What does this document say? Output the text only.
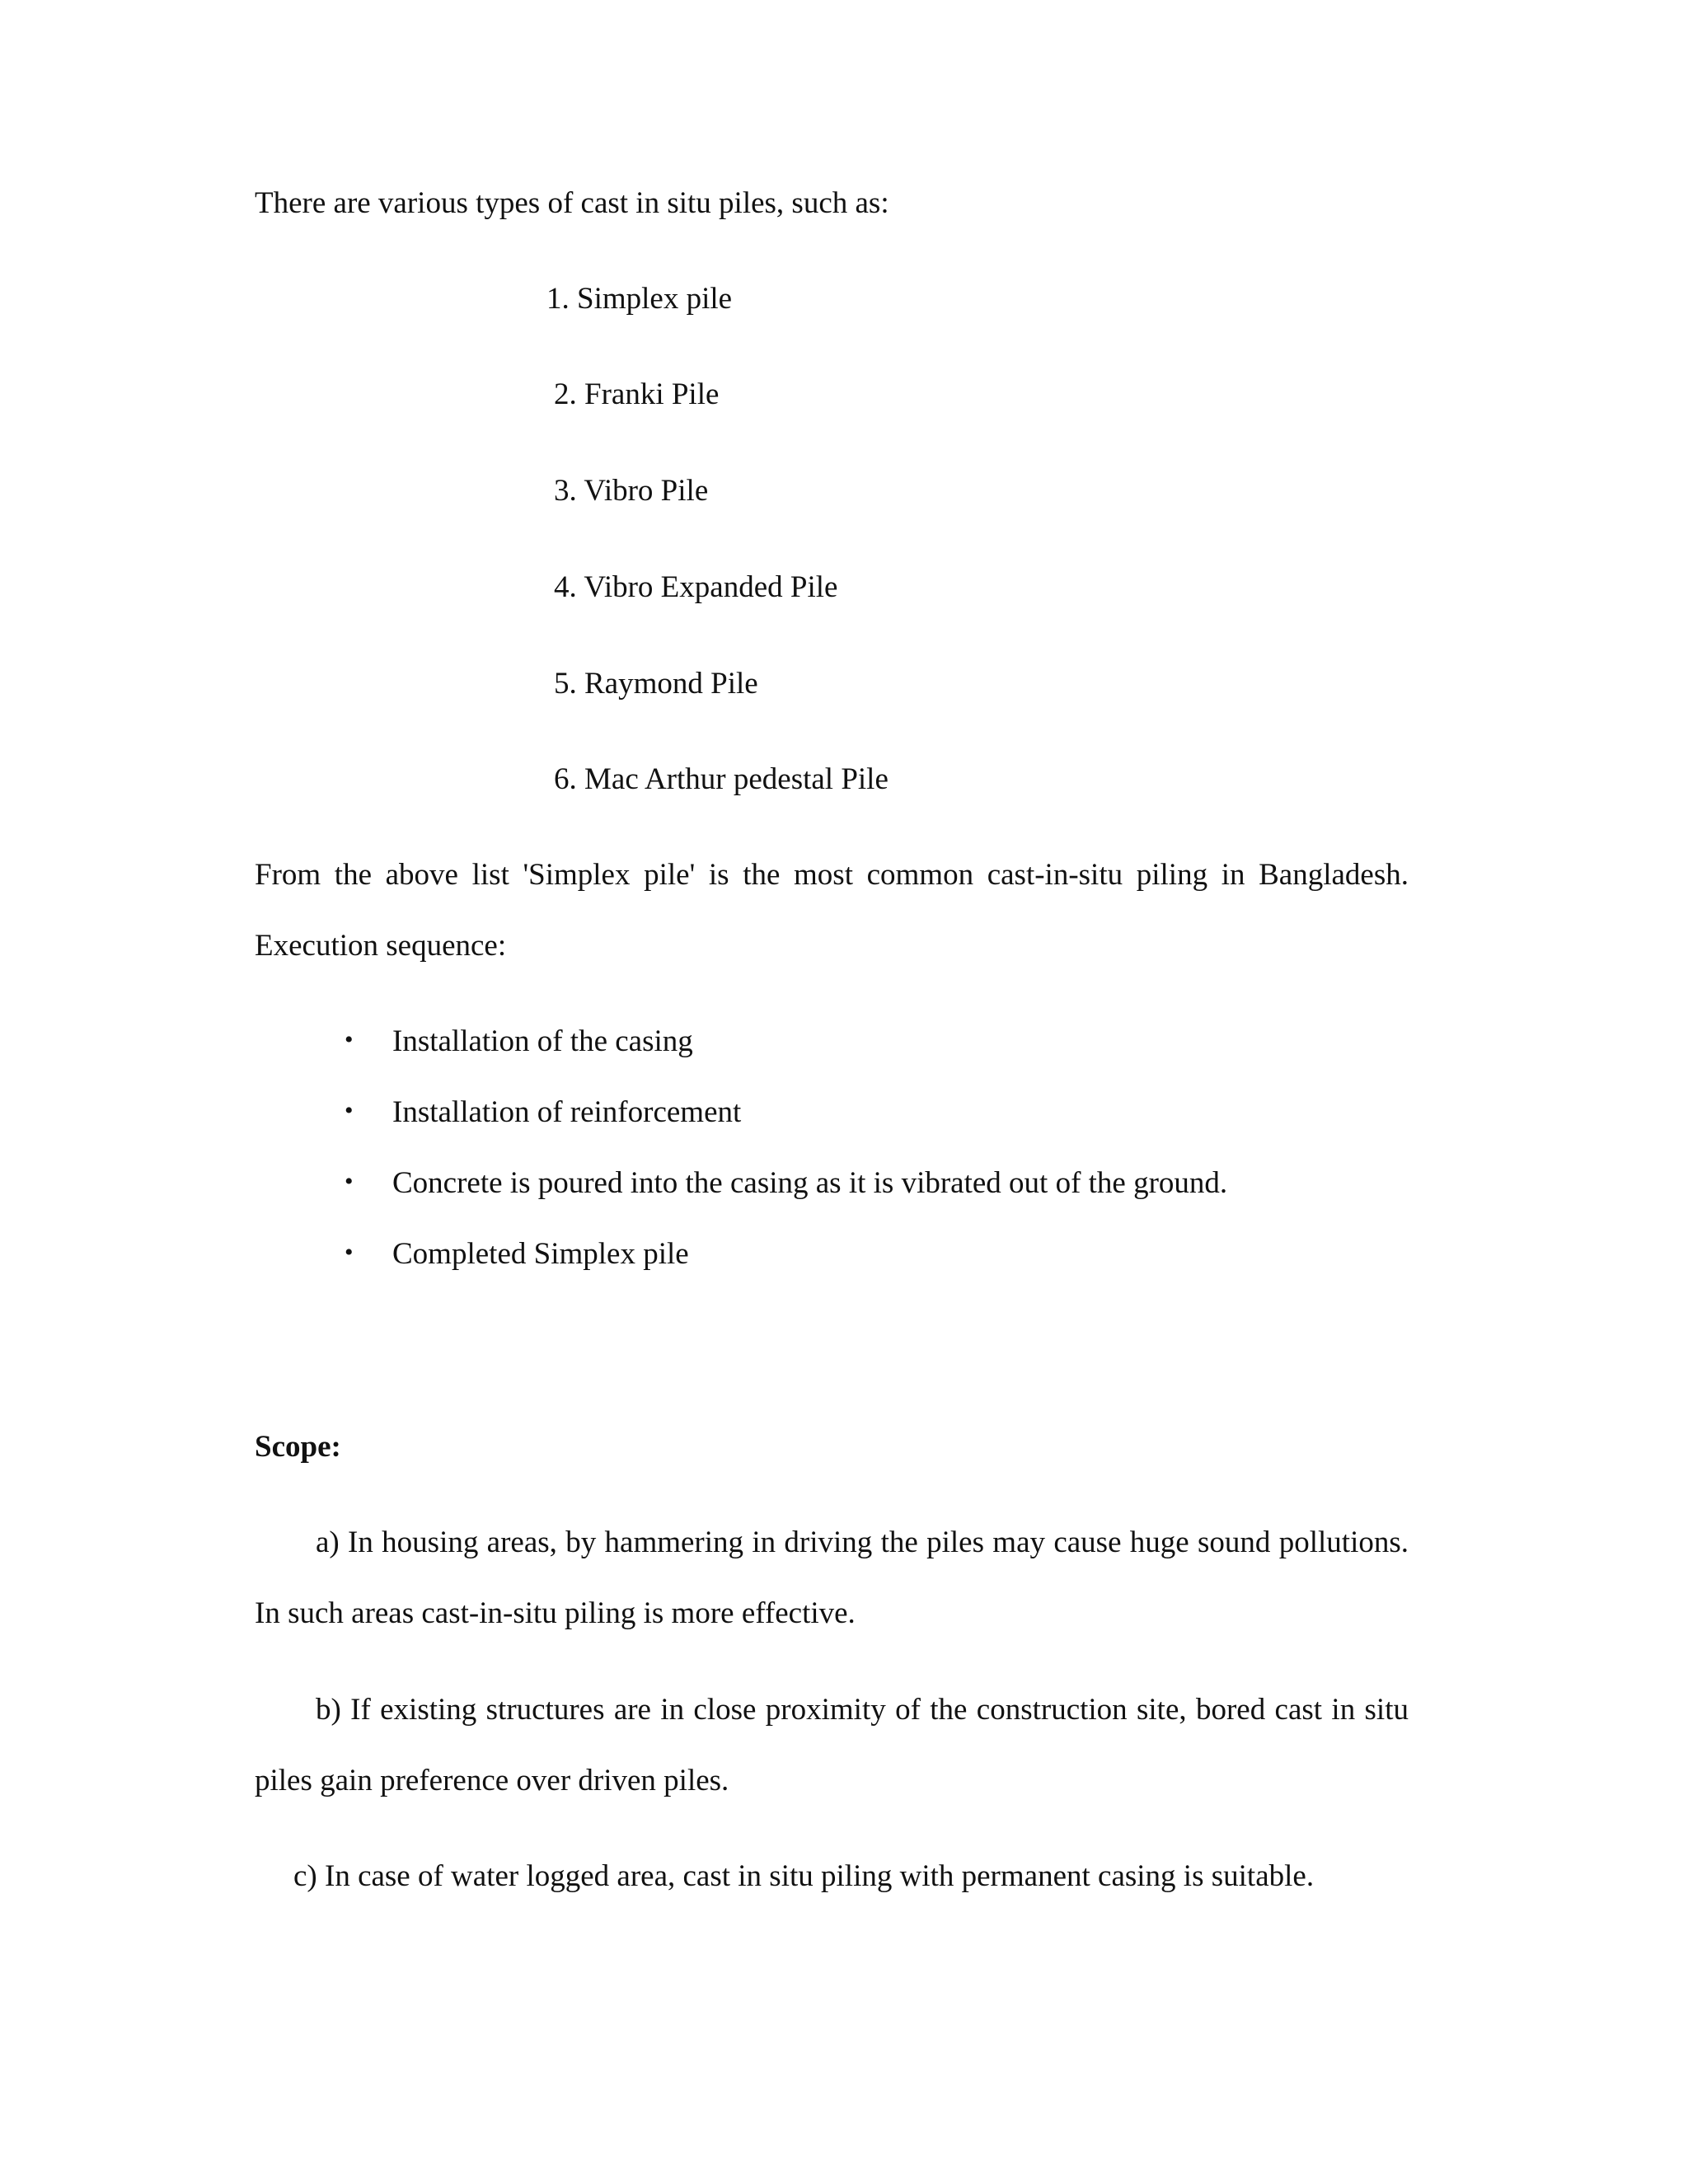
There are various types of cast in situ piles, such as:
1. Simplex pile
2. Franki Pile
3. Vibro Pile
4. Vibro Expanded Pile
5. Raymond Pile
6. Mac Arthur pedestal Pile
From the above list 'Simplex pile' is the most common cast-in-situ piling in Bangladesh.
Execution sequence:
• Installation of the casing
• Installation of reinforcement
• Concrete is poured into the casing as it is vibrated out of the ground.
• Completed Simplex pile
Scope:
a) In housing areas, by hammering in driving the piles may cause huge sound pollutions.
In such areas cast-in-situ piling is more effective.
b) If existing structures are in close proximity of the construction site, bored cast in situ
piles gain preference over driven piles.
c) In case of water logged area, cast in situ piling with permanent casing is suitable.
